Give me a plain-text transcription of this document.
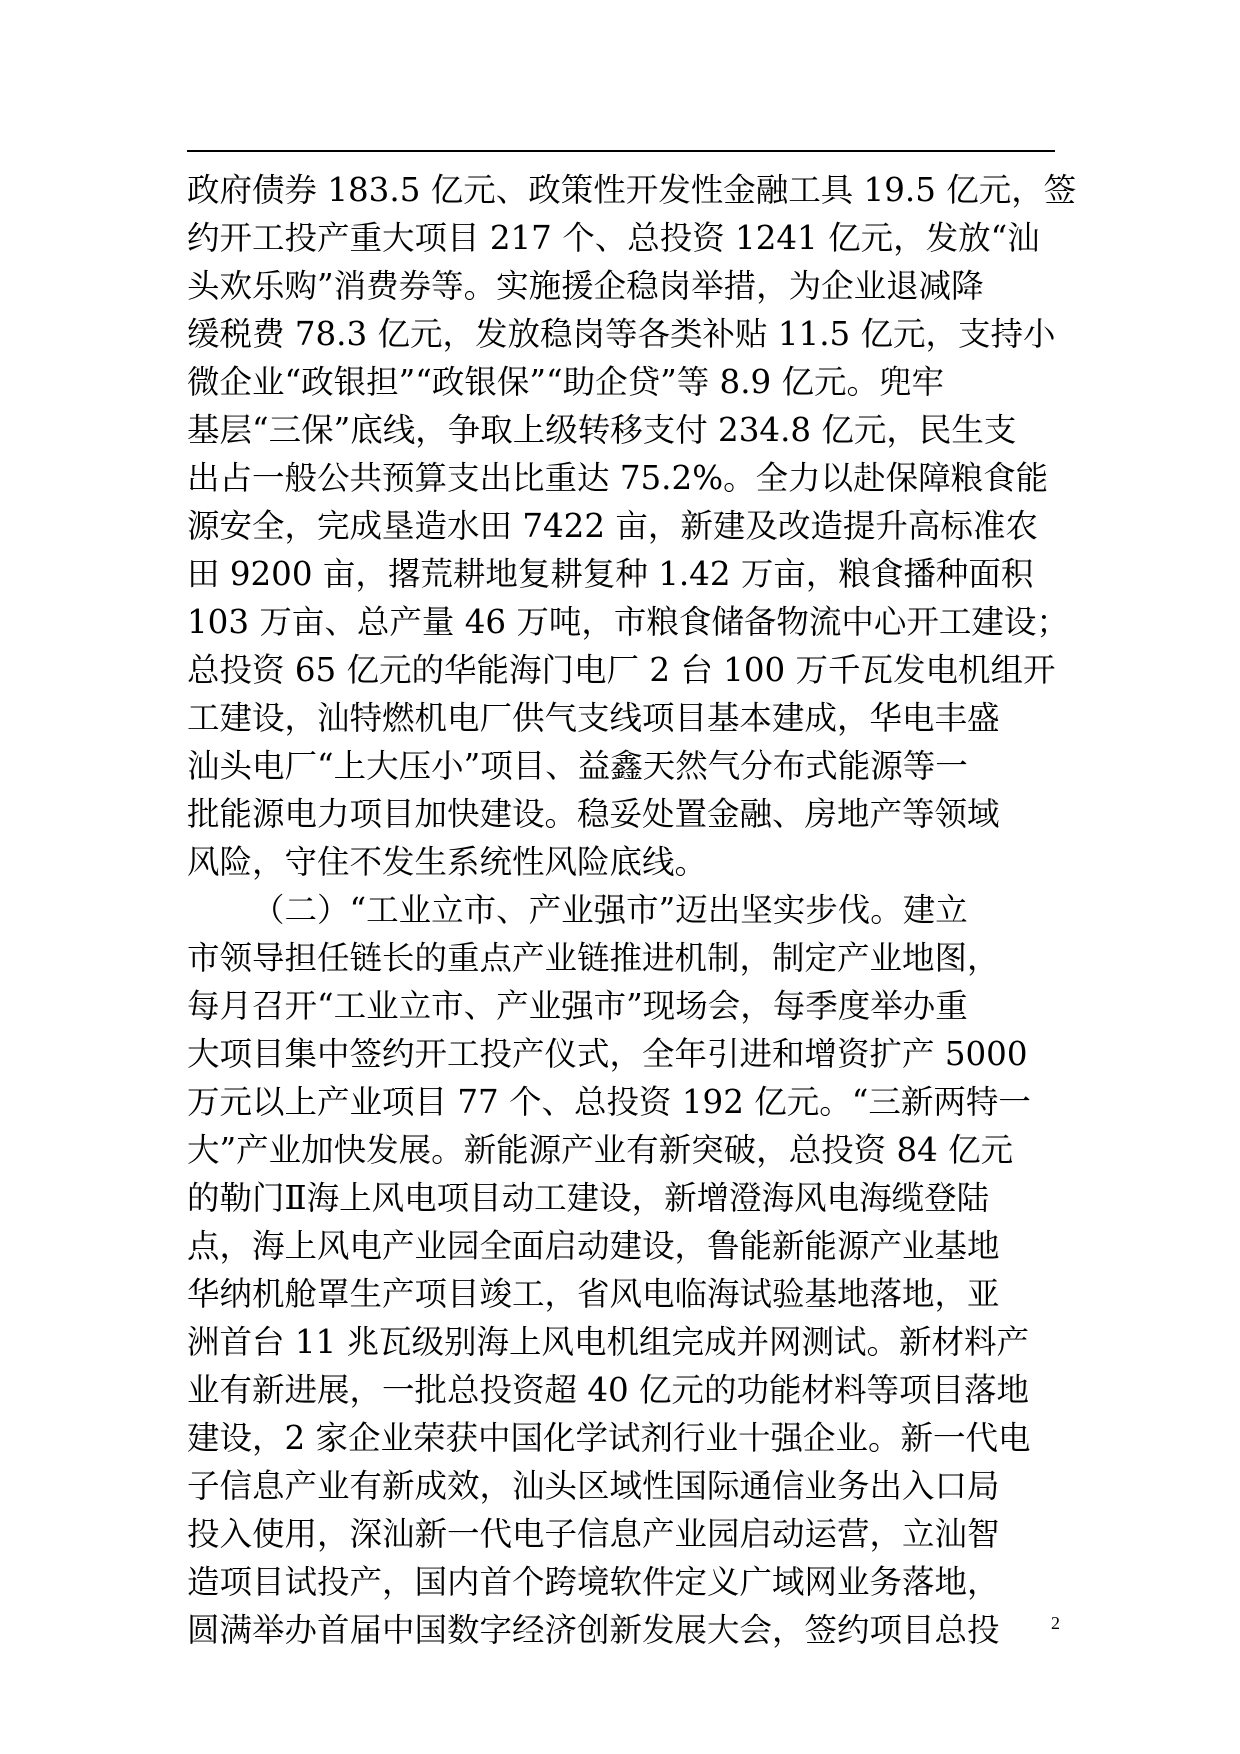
政府债券 183.5 亿元、政策性开发性金融工具 19.5 亿元，签
约开工投产重大项目 217 个、总投资 1241 亿元，发放“汕
头欢乐购”消费券等。实施援企稳岗举措，为企业退减降
缓税费 78.3 亿元，发放稳岗等各类补贴 11.5 亿元，支持小
微企业“政银担”“政银保”“助企贷”等 8.9 亿元。兜牢
基层“三保”底线，争取上级转移支付 234.8 亿元，民生支
出占一般公共预算支出比重达 75.2%。全力以赴保障粮食能
源安全，完成垦造水田 7422 亩，新建及改造提升高标准农
田 9200 亩，撂荒耕地复耕复种 1.42 万亩，粮食播种面积
103 万亩、总产量 46 万吨，市粮食储备物流中心开工建设；
总投资 65 亿元的华能海门电厂 2 台 100 万千瓦发电机组开
工建设，汕特燃机电厂供气支线项目基本建成，华电丰盛
汕头电厂“上大压小”项目、益鑫天然气分布式能源等一
批能源电力项目加快建设。稳妥处置金融、房地产等领域
风险，守住不发生系统性风险底线。
（二）“工业立市、产业强市”迈出坚实步伐。建立
市领导担任链长的重点产业链推进机制，制定产业地图，
每月召开“工业立市、产业强市”现场会，每季度举办重
大项目集中签约开工投产仪式，全年引进和增资扩产 5000
万元以上产业项目 77 个、总投资 192 亿元。“三新两特一
大”产业加快发展。新能源产业有新突破，总投资 84 亿元
的勒门Ⅱ海上风电项目动工建设，新增澄海风电海缆登陆
点，海上风电产业园全面启动建设，鲁能新能源产业基地
华纳机舱罩生产项目竣工，省风电临海试验基地落地，亚
洲首台 11 兆瓦级别海上风电机组完成并网测试。新材料产
业有新进展，一批总投资超 40 亿元的功能材料等项目落地
建设，2 家企业荣获中国化学试剂行业十强企业。新一代电
子信息产业有新成效，汕头区域性国际通信业务出入口局
投入使用，深汕新一代电子信息产业园启动运营，立汕智
造项目试投产，国内首个跨境软件定义广域网业务落地，
圆满举办首届中国数字经济创新发展大会，签约项目总投	2
